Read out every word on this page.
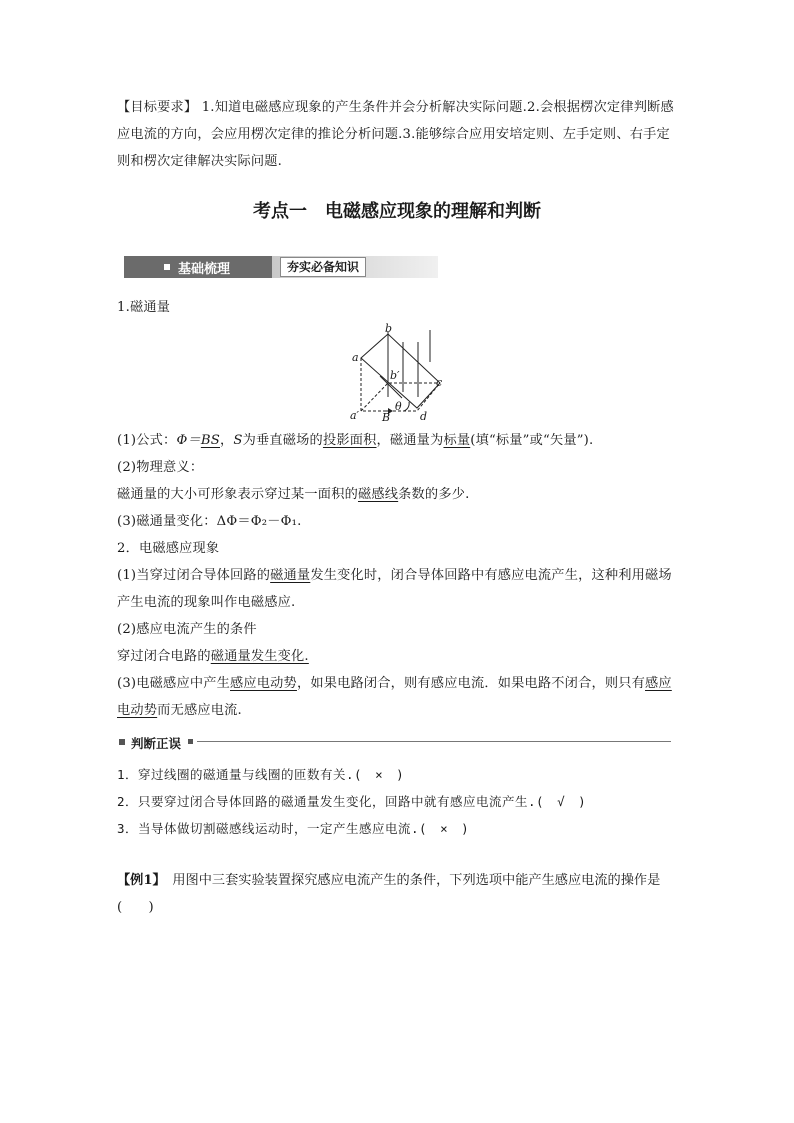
【目标要求】 1.知道电磁感应现象的产生条件并会分析解决实际问题.2.会根据楞次定律判断感应电流的方向，会应用楞次定律的推论分析问题.3.能够综合应用安培定则、左手定则、右手定则和楞次定律解决实际问题.
考点一　电磁感应现象的理解和判断
基础梳理	夯实必备知识
1.磁通量
b
a
b′
c
a′ B
θ
d
(1)公式：Φ＝BS，S为垂直磁场的投影面积，磁通量为标量(填“标量”或“矢量”).
(2)物理意义：
磁通量的大小可形象表示穿过某一面积的磁感线条数的多少.
(3)磁通量变化：ΔΦ＝Φ₂－Φ₁.
2．电磁感应现象
(1)当穿过闭合导体回路的磁通量发生变化时，闭合导体回路中有感应电流产生，这种利用磁场产生电流的现象叫作电磁感应.
(2)感应电流产生的条件
穿过闭合电路的磁通量发生变化.
(3)电磁感应中产生感应电动势，如果电路闭合，则有感应电流．如果电路不闭合，则只有感应电动势而无感应电流.
判断正误
1．穿过线圈的磁通量与线圈的匝数有关.(　×　)
2．只要穿过闭合导体回路的磁通量发生变化，回路中就有感应电流产生.(　√　)
3．当导体做切割磁感线运动时，一定产生感应电流.(　×　)
【例1】　用图中三套实验装置探究感应电流产生的条件，下列选项中能产生感应电流的操作是(　　)
